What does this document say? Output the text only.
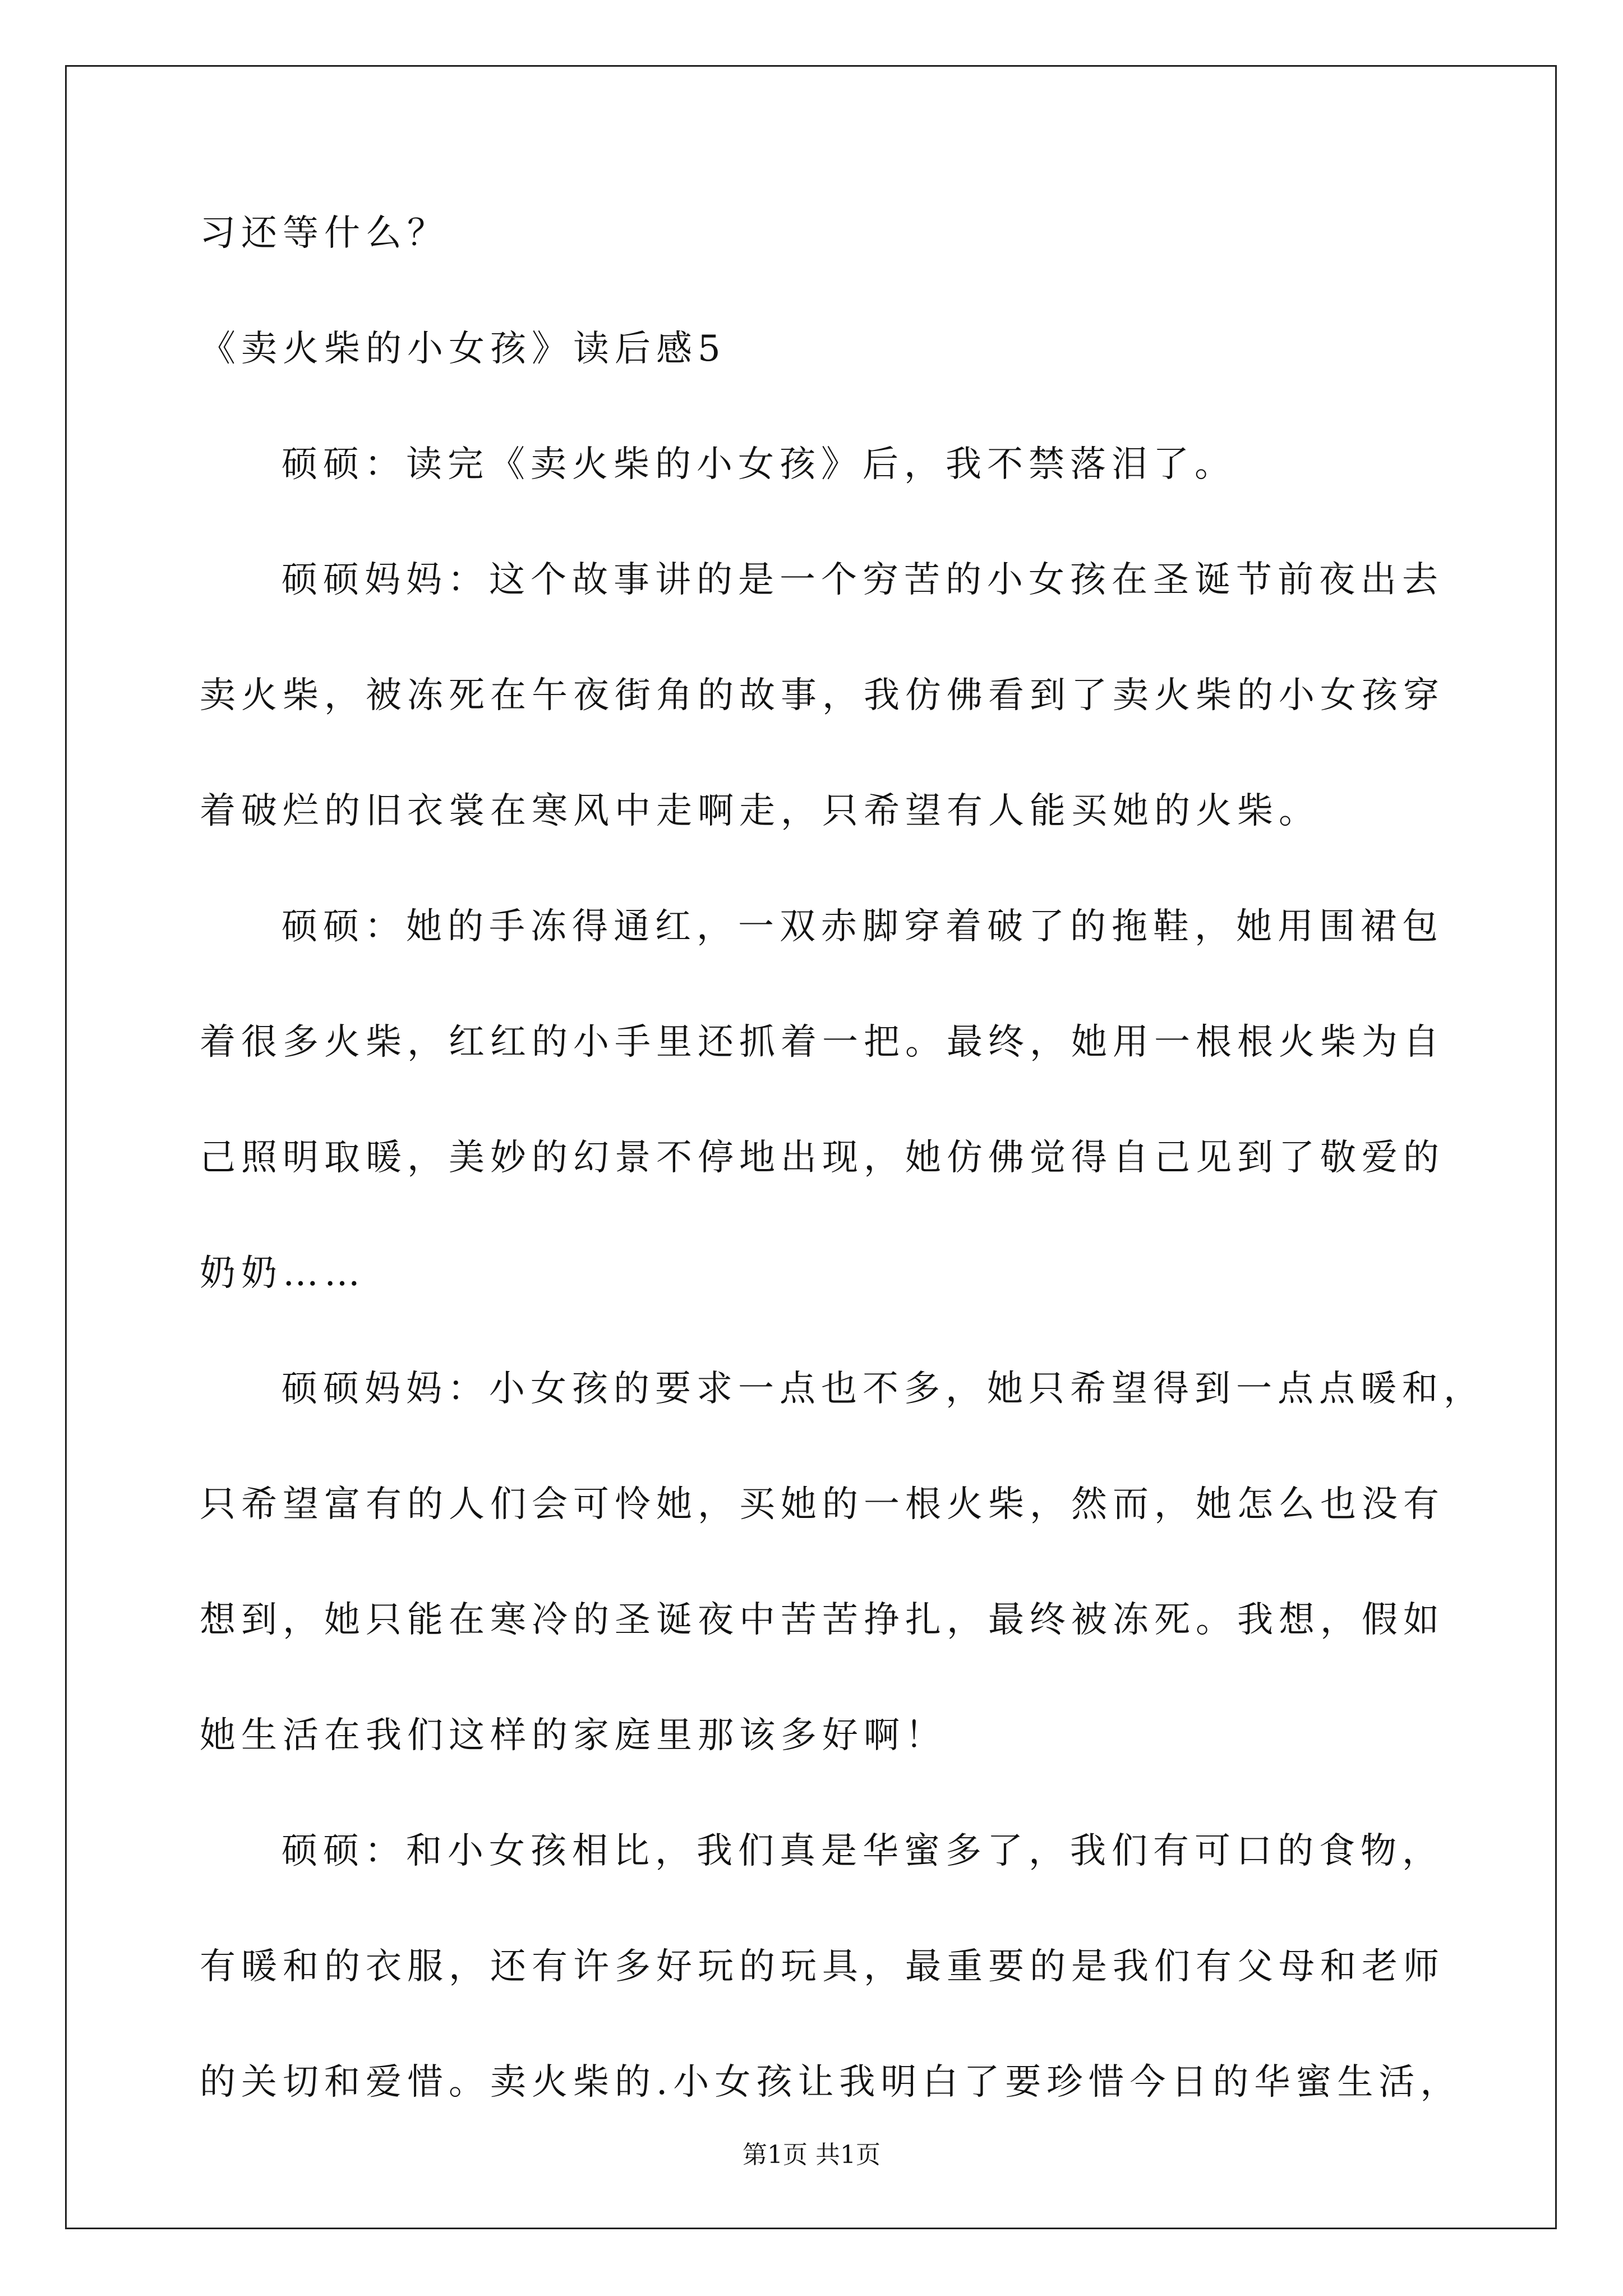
习还等什么？
《卖火柴的小女孩》读后感5
硕硕：读完《卖火柴的小女孩》后，我不禁落泪了。
硕硕妈妈：这个故事讲的是一个穷苦的小女孩在圣诞节前夜出去
卖火柴，被冻死在午夜街角的故事，我仿佛看到了卖火柴的小女孩穿
着破烂的旧衣裳在寒风中走啊走，只希望有人能买她的火柴。
硕硕：她的手冻得通红，一双赤脚穿着破了的拖鞋，她用围裙包
着很多火柴，红红的小手里还抓着一把。最终，她用一根根火柴为自
己照明取暖，美妙的幻景不停地出现，她仿佛觉得自己见到了敬爱的
奶奶……
硕硕妈妈：小女孩的要求一点也不多，她只希望得到一点点暖和，
只希望富有的人们会可怜她，买她的一根火柴，然而，她怎么也没有
想到，她只能在寒冷的圣诞夜中苦苦挣扎，最终被冻死。我想，假如
她生活在我们这样的家庭里那该多好啊！
硕硕：和小女孩相比，我们真是华蜜多了，我们有可口的食物，
有暖和的衣服，还有许多好玩的玩具，最重要的是我们有父母和老师
的关切和爱惜。卖火柴的.小女孩让我明白了要珍惜今日的华蜜生活，
第1页 共1页
